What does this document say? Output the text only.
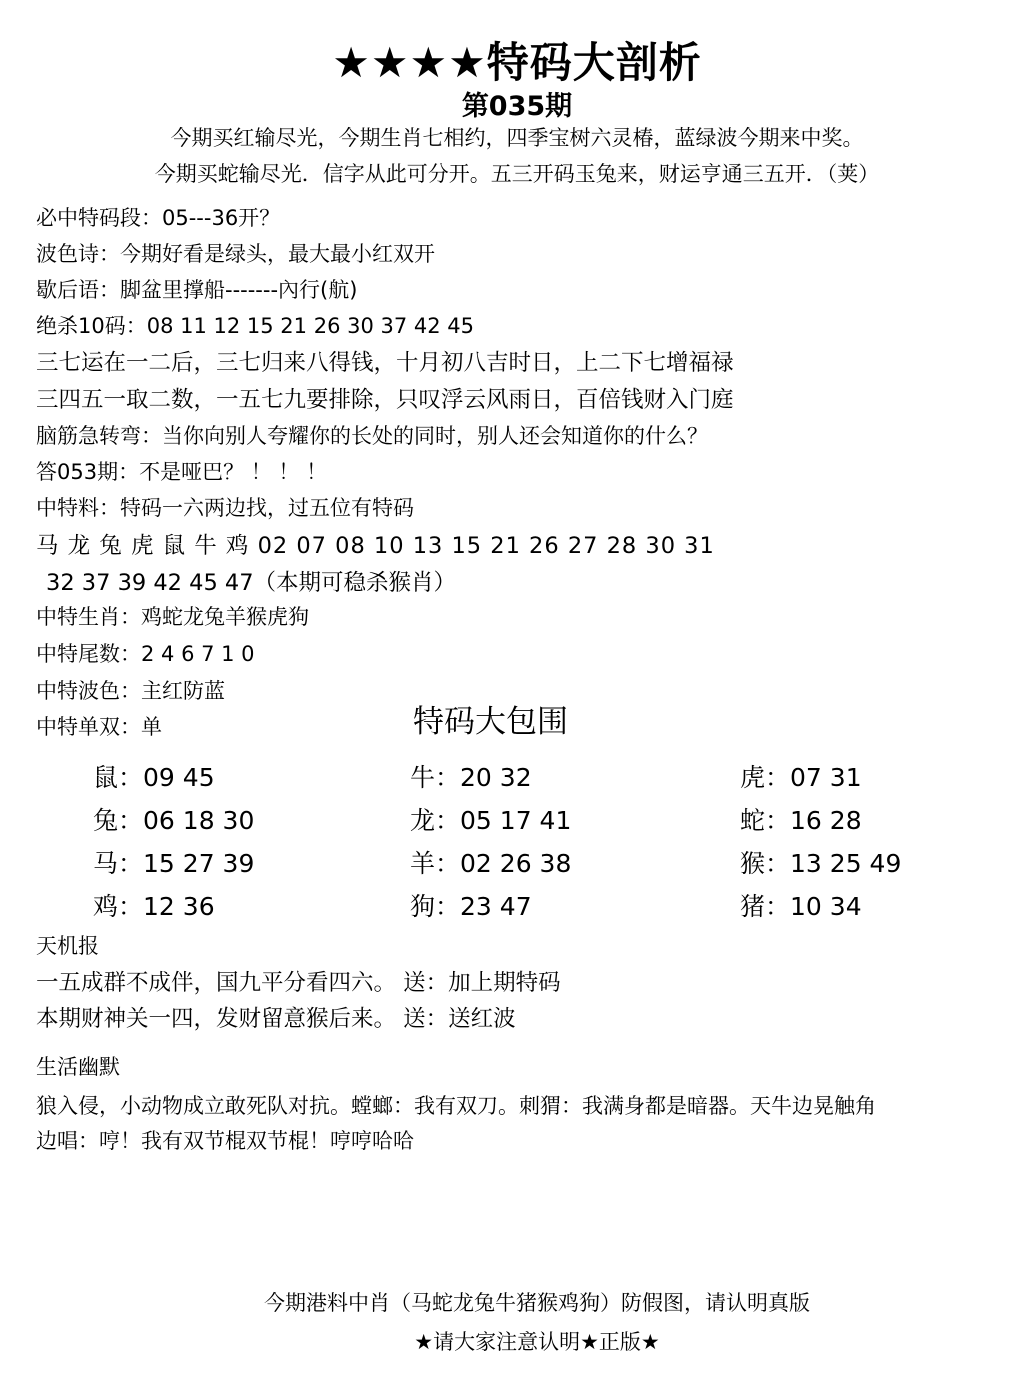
★★★★特码大剖析
第035期
今期买红输尽光，今期生肖七相约，四季宝树六灵椿，蓝绿波今期来中奖。
今期买蛇输尽光．信字从此可分开。五三开码玉兔来，财运亨通三五开．（荚）
必中特码段：05---36开？
波色诗：今期好看是绿头，最大最小红双开
歇后语：脚盆里撑船-------內行(航)
绝杀10码：08 11 12 15 21 26 30 37 42 45
三七运在一二后，三七归来八得钱，十月初八吉时日，上二下七增福禄
三四五一取二数，一五七九要排除，只叹浮云风雨日，百倍钱财入门庭
脑筋急转弯：当你向别人夸耀你的长处的同时，别人还会知道你的什么？
答053期：不是哑巴？ ！ ！ ！
中特料：特码一六两边找，过五位有特码
马 龙 兔 虎 鼠 牛 鸡 02 07 08 10 13 15 21 26 27 28 30 31
32 37 39 42 45 47（本期可稳杀猴肖）
中特生肖：鸡蛇龙兔羊猴虎狗
中特尾数：2 4 6 7 1 0
中特波色：主红防蓝
中特单双：单	特码大包围
鼠：09 45	牛：20 32	虎：07 31
兔：06 18 30	龙：05 17 41	蛇：16 28
马：15 27 39	羊：02 26 38	猴：13 25 49
鸡：12 36	狗：23 47	猪：10 34
天机报
一五成群不成伴，国九平分看四六。 送：加上期特码
本期财神关一四，发财留意猴后来。 送：送红波
生活幽默
狼入侵，小动物成立敢死队对抗。螳螂：我有双刀。刺猬：我满身都是暗器。天牛边晃触角
边唱：哼！我有双节棍双节棍！哼哼哈哈
今期港料中肖（马蛇龙兔牛猪猴鸡狗）防假图，请认明真版
★请大家注意认明★正版★
